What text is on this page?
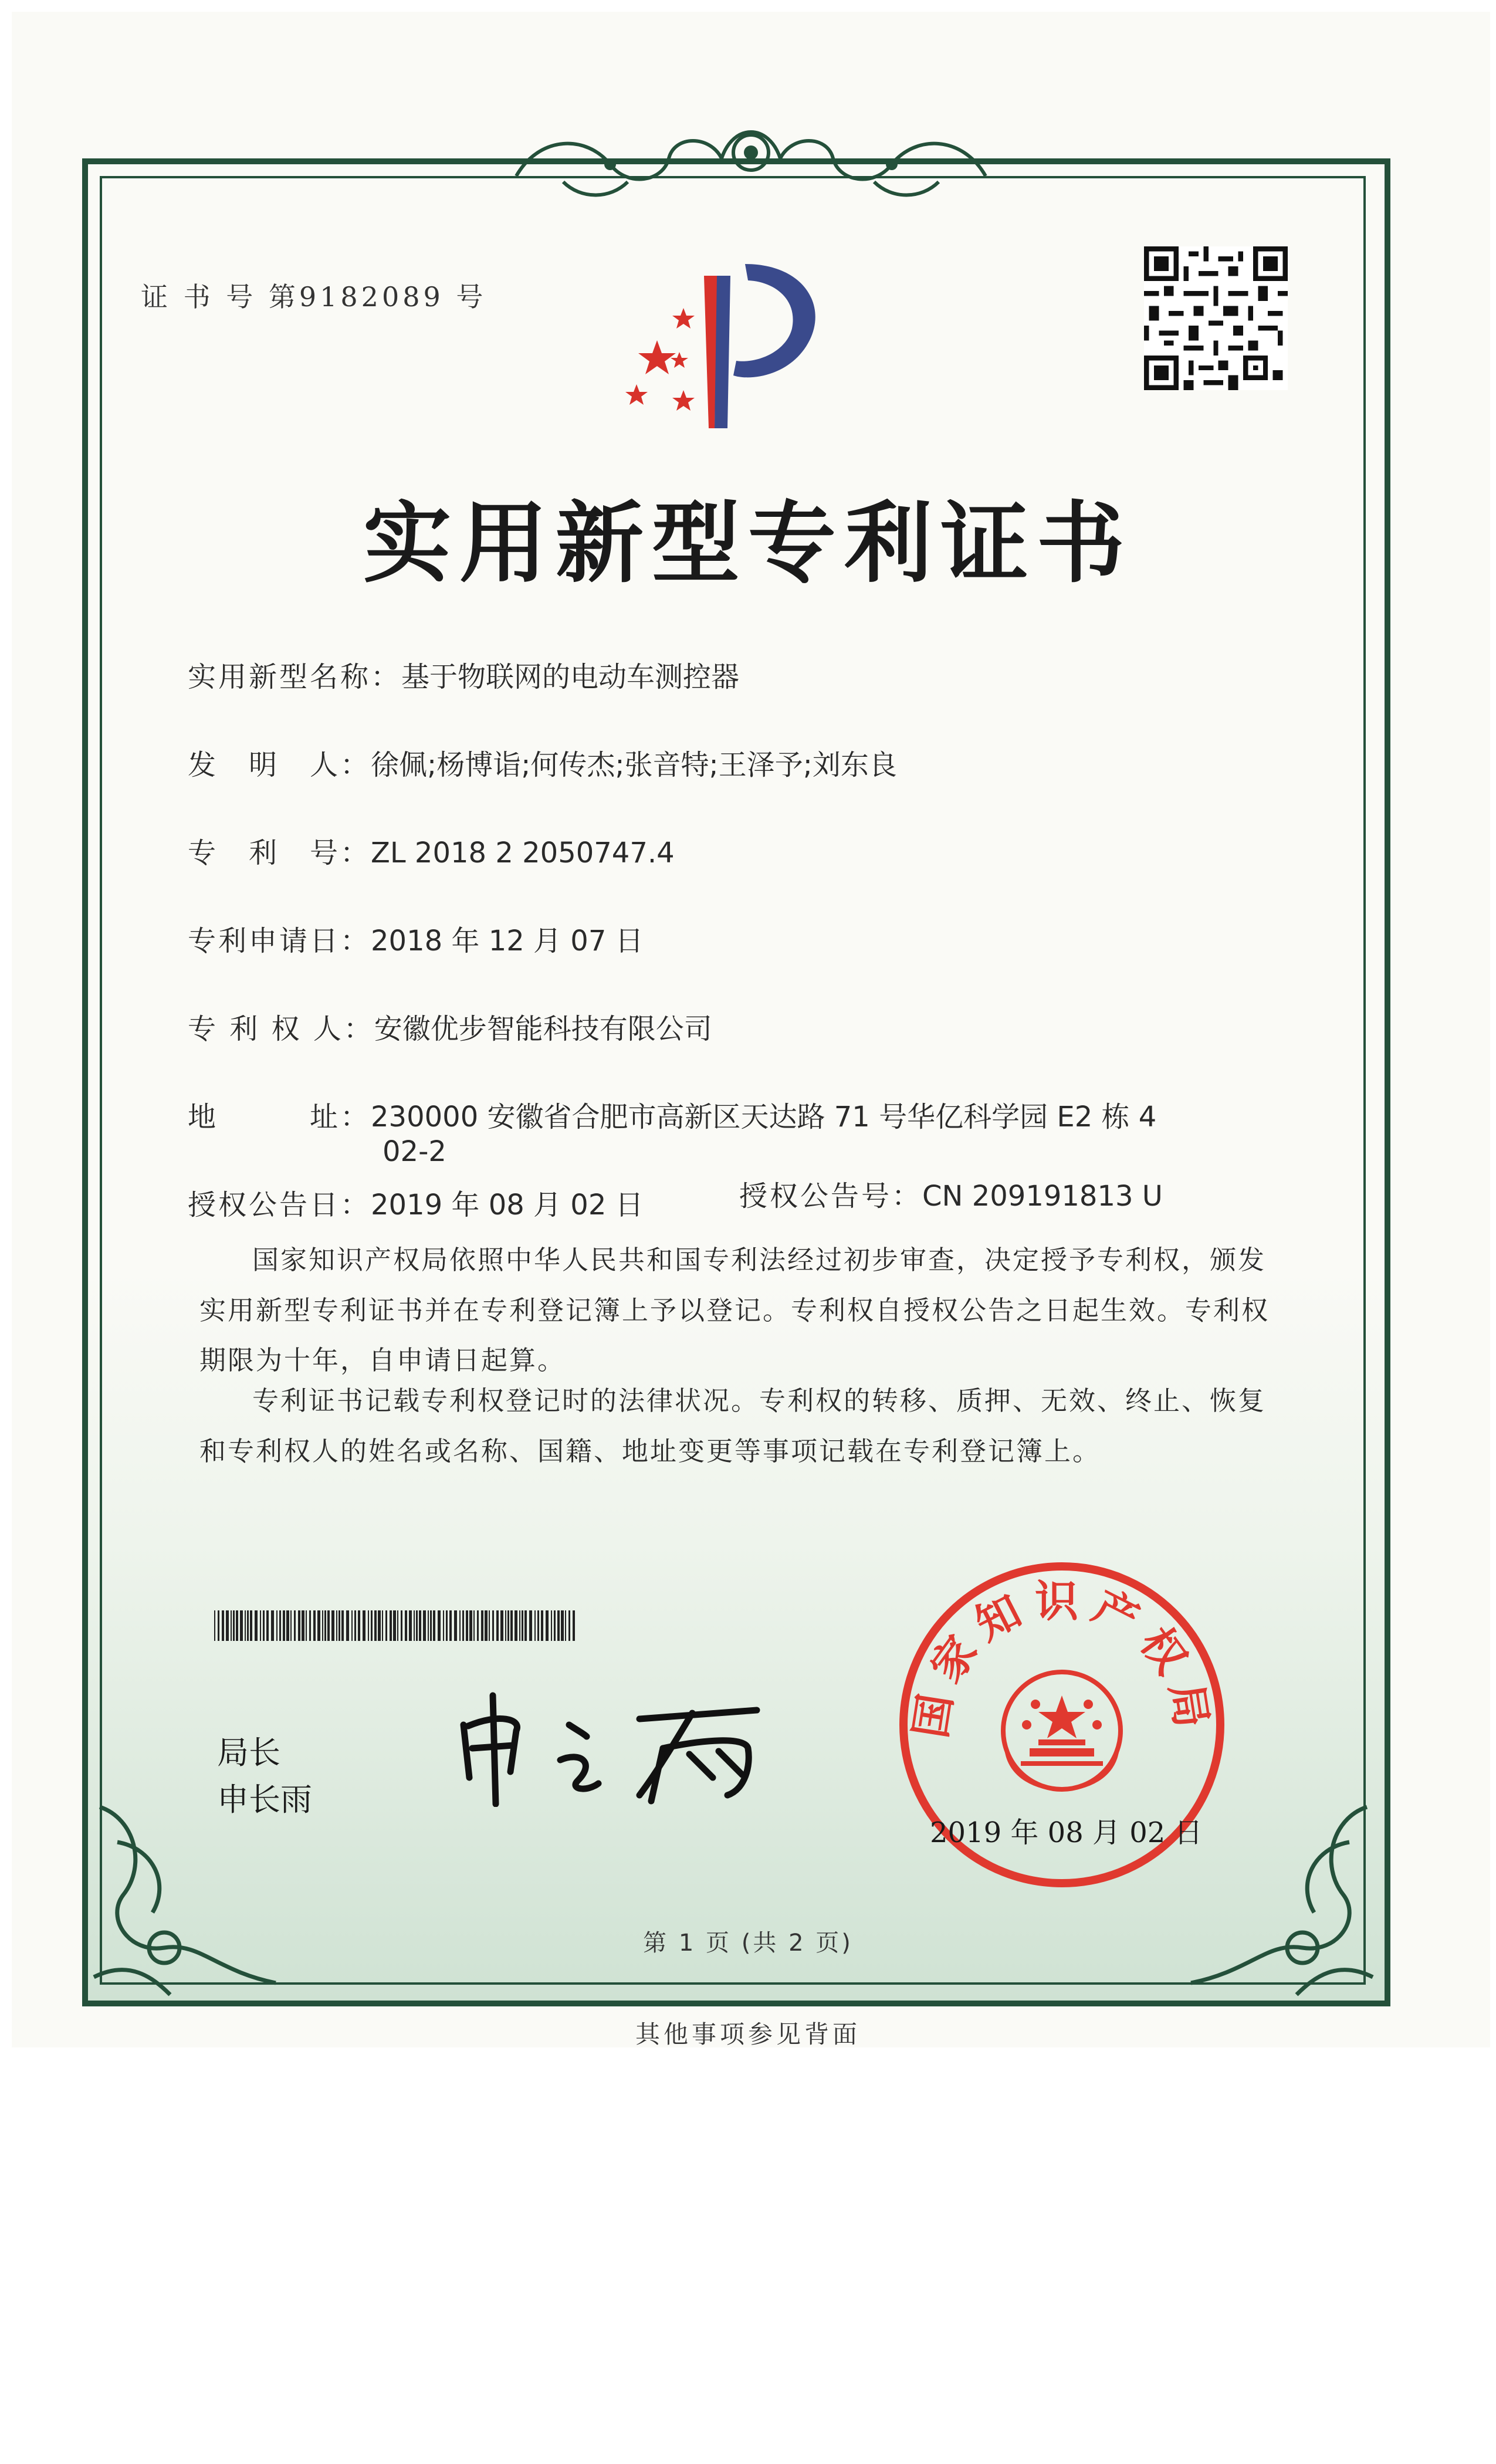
证 书 号 第9182089 号
实用新型专利证书
实用新型名称：基于物联网的电动车测控器
发　明　人：徐佩;杨博诣;何传杰;张音特;王泽予;刘东良
专　利　号：ZL 2018 2 2050747.4
专利申请日：2018 年 12 月 07 日
专 利 权 人：安徽优步智能科技有限公司
地　　　址：230000 安徽省合肥市高新区天达路 71 号华亿科学园 E2 栋 4
02-2
授权公告日：2019 年 08 月 02 日	授权公告号：CN 209191813 U
国家知识产权局依照中华人民共和国专利法经过初步审查，决定授予专利权，颁发实用新型专利证书并在专利登记簿上予以登记。专利权自授权公告之日起生效。专利权期限为十年，自申请日起算。
专利证书记载专利权登记时的法律状况。专利权的转移、质押、无效、终止、恢复和专利权人的姓名或名称、国籍、地址变更等事项记载在专利登记簿上。
局长
申长雨
国家知识产权局
2019 年 08 月 02 日
第 1 页 (共 2 页)
其他事项参见背面
